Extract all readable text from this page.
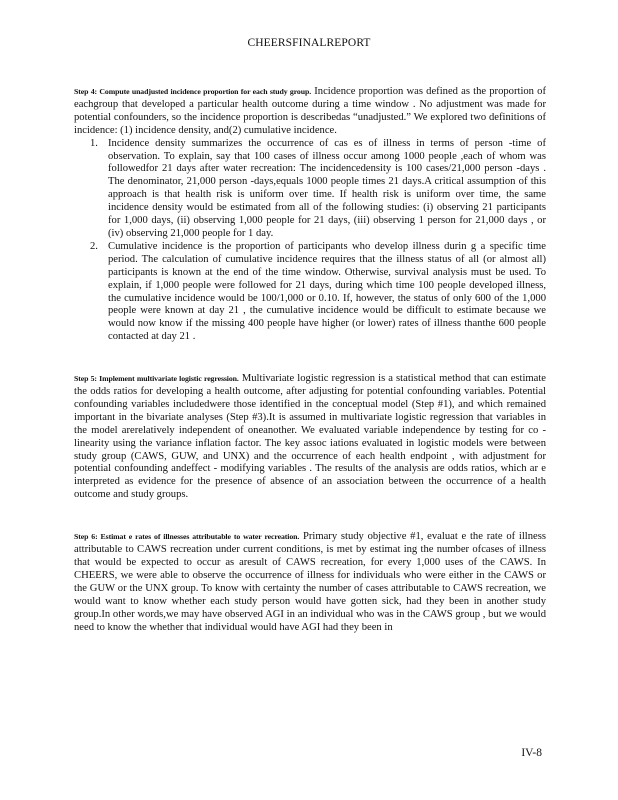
CHEERSFINALREPORT

Step 4: Compute unadjusted incidence proportion for each study group. Incidence proportion was defined as the proportion of eachgroup that developed a particular health outcome during a time window . No adjustment was made for potential confounders, so the incidence proportion is describedas “unadjusted.” We explored two definitions of incidence: (1) incidence density, and(2) cumulative incidence.

1. Incidence density summarizes the occurrence of cas es of illness in terms of person -time of observation. To explain, say that 100 cases of illness occur among 1000 people ,each of whom was followedfor 21 days after water recreation: The incidencedensity is 100 cases/21,000 person -days . The denominator, 21,000 person -days,equals 1000 people times 21 days.A critical assumption of this approach is that health risk is uniform over time. If health risk is uniform over time, the same incidence density would be estimated from all of the following studies: (i) observing 21 participants for 1,000 days, (ii) observing 1,000 people for 21 days, (iii) observing 1 person for 21,000 days , or (iv) observing 21,000 people for 1 day.
2. Cumulative incidence is the proportion of participants who develop illness durin g a specific time period. The calculation of cumulative incidence requires that the illness status of all (or almost all) participants is known at the end of the time window. Otherwise, survival analysis must be used. To explain, if 1,000 people were followed for 21 days, during which time 100 people developed illness, the cumulative incidence would be 100/1,000 or 0.10. If, however, the status of only 600 of the 1,000 people were known at day 21 , the cumulative incidence would be difficult to estimate because we would now know if the missing 400 people have higher (or lower) rates of illness thanthe 600 people contacted at day 21 .

Step 5: Implement multivariate logistic regression. Multivariate logistic regression is a statistical method that can estimate the odds ratios for developing a health outcome, after adjusting for potential confounding variables. Potential confounding variables includedwere those identified in the conceptual model (Step #1), and which remained important in the bivariate analyses (Step #3).It is assumed in multivariate logistic regression that variables in the model arerelatively independent of oneanother. We evaluated variable independence by testing for co - linearity using the variance inflation factor. The key assoc iations evaluated in logistic models were between study group (CAWS, GUW, and UNX) and the occurrence of each health endpoint , with adjustment for potential confounding andeffect - modifying variables . The results of the analysis are odds ratios, which ar e interpreted as evidence for the presence of absence of an association between the occurrence of a health outcome and study groups.

Step 6: Estimat e rates of illnesses attributable to water recreation. Primary study objective #1, evaluat e the rate of illness attributable to CAWS recreation under current conditions, is met by estimat ing the number ofcases of illness that would be expected to occur as aresult of CAWS recreation, for every 1,000 uses of the CAWS. In CHEERS, we were able to observe the occurrence of illness for individuals who were either in the CAWS or the GUW or the UNX group. To know with certainty the number of cases attributable to CAWS recreation, we would want to know whether each study person would have gotten sick, had they been in another study group.In other words,we may have observed AGI in an individual who was in the CAWS group , but we would need to know the whether that individual would have AGI had they been in

IV-8
